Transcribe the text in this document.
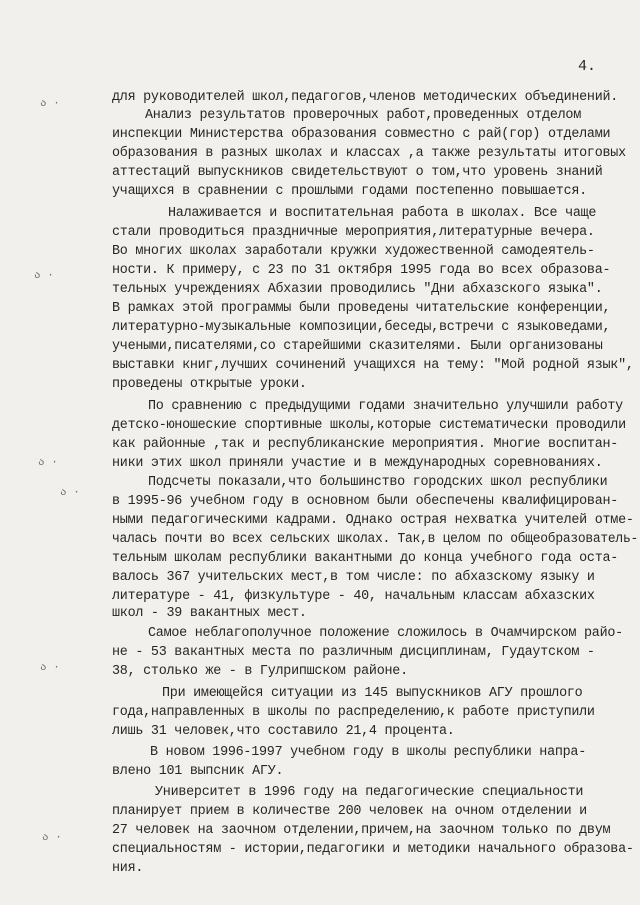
4.
ა ·
ა ·
ა ·
ა ·
ა ·
ა ·
для руководителей школ,педагогов,членов методических объединений.
Анализ результатов проверочных работ,проведенных отделом
инспекции Министерства образования совместно с рай(гор) отделами
образования в разных школах и классах ,а также результаты итоговых
аттестаций выпускников свидетельствуют о том,что уровень знаний
учащихся в сравнении с прошлыми годами постепенно повышается.
Налаживается и воспитательная работа в школах. Все чаще
стали проводиться праздничные мероприятия,литературные вечера.
Во многих школах заработали кружки художественной самодеятель-
ности. К примеру, с 23 по 31 октября 1995 года во всех образова-
тельных учреждениях Абхазии проводились "Дни абхазского языка".
В рамках этой программы были проведены читательские конференции,
литературно-музыкальные композиции,беседы,встречи с языковедами,
учеными,писателями,со старейшими сказителями. Были организованы
выставки книг,лучших сочинений учащихся на тему: "Мой родной язык",
проведены открытые уроки.
По сравнению с предыдущими годами значительно улучшили работу
детско-юношеские спортивные школы,которые систематически проводили
как районные ,так и республиканские мероприятия. Многие воспитан-
ники этих школ приняли участие и в международных соревнованиях.
Подсчеты показали,что большинство городских школ республики
в 1995-96 учебном году в основном были обеспечены квалифицирован-
ными педагогическими кадрами. Однако острая нехватка учителей отме-
чалась почти во всех сельских школах. Так,в целом по общеобразователь-
тельным школам республики вакантными до конца учебного года оста-
валось 367 учительских мест,в том числе: по абхазскому языку и
литературе - 41, физкультуре - 40, начальным классам абхазских
школ - 39 вакантных мест.
Самое неблагополучное положение сложилось в Очамчирском райо-
не - 53 вакантных места по различным дисциплинам, Гудаутском -
38, столько же - в Гулрипшском районе.
При имеющейся ситуации из 145 выпускников АГУ прошлого
года,направленных в школы по распределению,к работе приступили
лишь 31 человек,что составило 21,4 процента.
В новом 1996-1997 учебном году в школы республики напра-
влено 101 выпсник АГУ.
Университет в 1996 году на педагогические специальности
планирует прием в количестве 200 человек на очном отделении и
27 человек на заочном отделении,причем,на заочном только по двум
специальностям - истории,педагогики и методики начального образова-
ния.
